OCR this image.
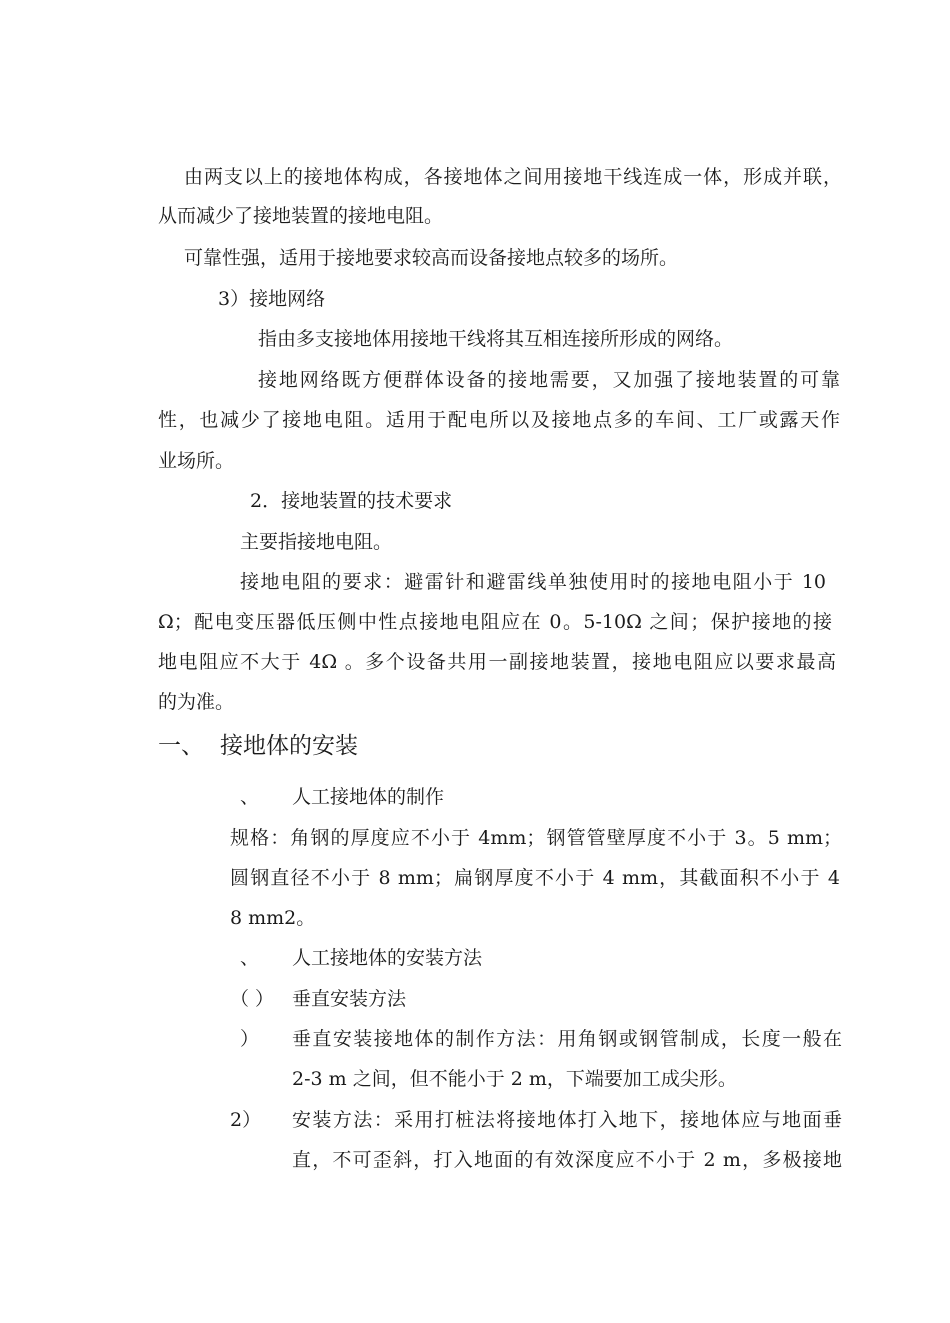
由两支以上的接地体构成，各接地体之间用接地干线连成一体，形成并联，
从而减少了接地装置的接地电阻。
可靠性强，适用于接地要求较高而设备接地点较多的场所。
3）接地网络
指由多支接地体用接地干线将其互相连接所形成的网络。
接地网络既方便群体设备的接地需要，又加强了接地装置的可靠
性，也减少了接地电阻。适用于配电所以及接地点多的车间、工厂或露天作
业场所。
2．接地装置的技术要求
主要指接地电阻。
接地电阻的要求：避雷针和避雷线单独使用时的接地电阻小于 10
Ω；配电变压器低压侧中性点接地电阻应在 0。5-10Ω 之间；保护接地的接
地电阻应不大于 4Ω 。多个设备共用一副接地装置，接地电阻应以要求最高
的为准。
一、 接地体的安装
、 人工接地体的制作
规格：角钢的厚度应不小于 4mm；钢管管壁厚度不小于 3。5 mm；
圆钢直径不小于 8 mm；扁钢厚度不小于 4 mm，其截面积不小于 4
8 mm2。
、 人工接地体的安装方法
（ ） 垂直安装方法
） 垂直安装接地体的制作方法：用角钢或钢管制成，长度一般在
2-3 m 之间，但不能小于 2 m，下端要加工成尖形。
2） 安装方法：采用打桩法将接地体打入地下，接地体应与地面垂
直，不可歪斜，打入地面的有效深度应不小于 2 m，多极接地
